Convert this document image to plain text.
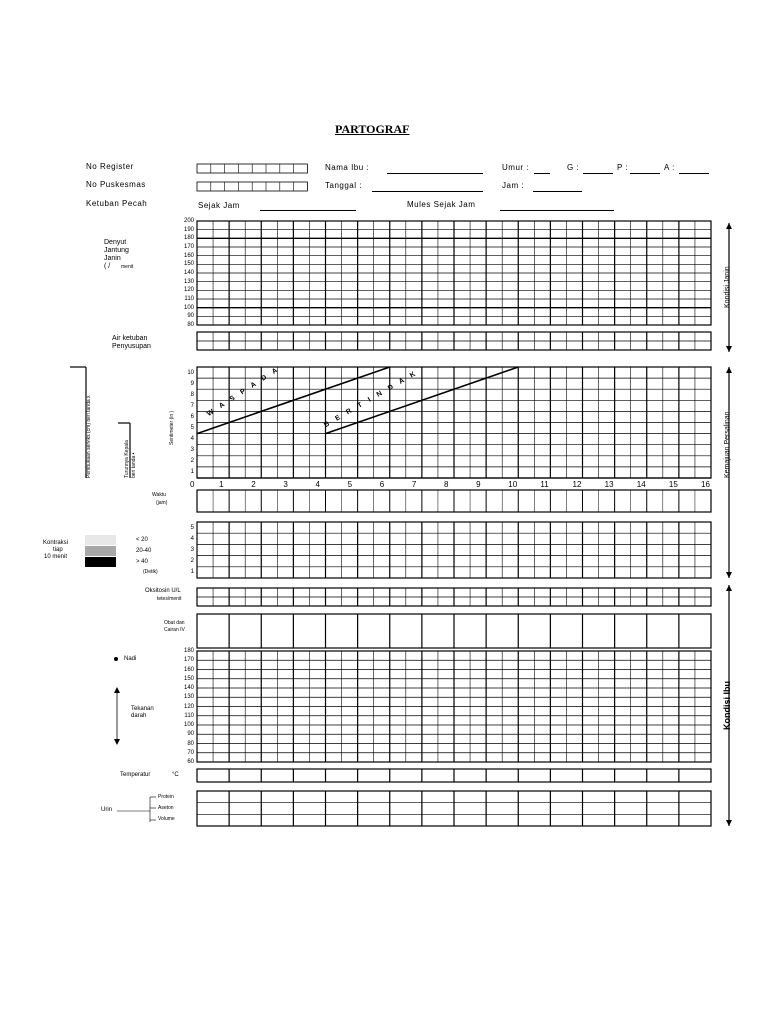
PARTOGRAF
No Register
No Puskesmas
Ketuban Pecah	Sejak Jam
Nama Ibu :
Tanggal :
Mules Sejak Jam
Umur :	G :	P :	A :
Jam :
Denyut
Jantung
Janin
( / menit
200
190
180
170
160
150
140
130
120
110
100
90
80
Air ketuban
Penyusupan
10
9
8
7
6
5
4
3
2
1
0	1	2	3	4	5	6	7	8	9	10	11	12	13	14	15	16
Sentimeter (in )
Pembukaan serviks (cm) beri tanda x	Turunnya Kepala beri tanda •
W A S P A D A	B E R T I N D A K
Waktu
(jam)
Kontraksi
tiap
10 menit
< 20
20-40
> 40
(Detik)
5
4
3
2
1
Oksitosin U/L
tetes/menit
Obat dan
Cairan IV
Nadi
Tekanan
darah
180
170
160
150
140
130
120
110
100
90
80
70
60
Temperatur	°C
Urin
Protein
Aseton
Volume
Kondisi Janin
Kemajuan Persalinan
Kondisi Ibu
